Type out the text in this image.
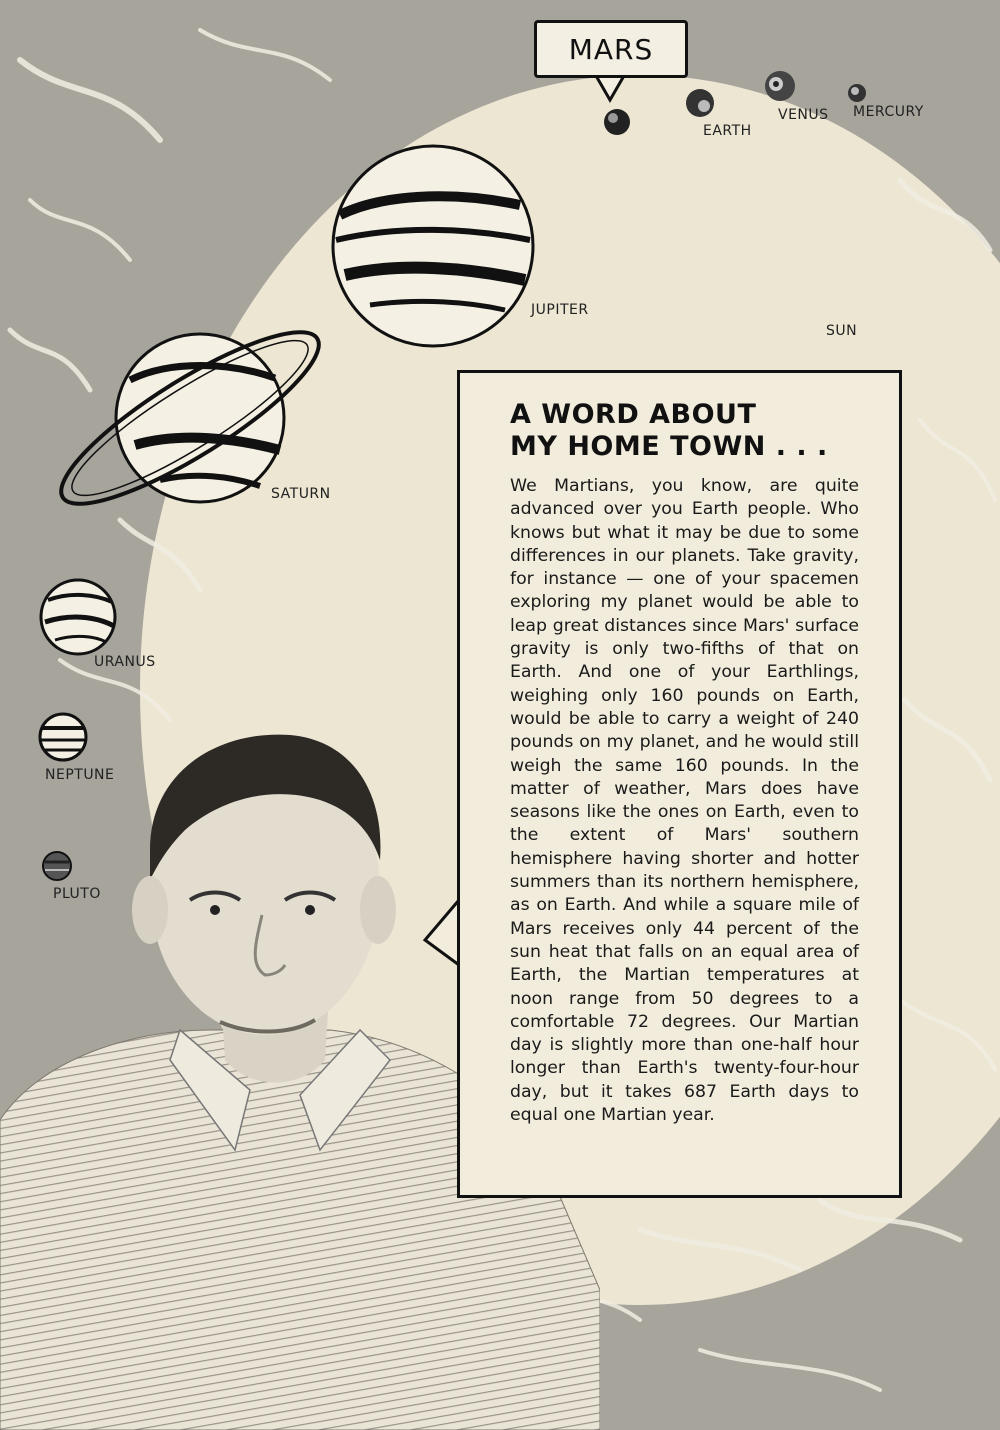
MARS
EARTH
VENUS MERCURY
JUPITER
SUN
SATURN
URANUS
NEPTUNE
PLUTO
A WORD ABOUT
MY HOME TOWN . . .

We Martians, you know, are quite advanced over you Earth people. Who knows but what it may be due to some differences in our planets. Take gravity, for instance — one of your spacemen exploring my planet would be able to leap great distances since Mars' surface gravity is only two-fifths of that on Earth. And one of your Earthlings, weighing only 160 pounds on Earth, would be able to carry a weight of 240 pounds on my planet, and he would still weigh the same 160 pounds. In the matter of weather, Mars does have seasons like the ones on Earth, even to the extent of Mars' southern hemisphere having shorter and hotter summers than its northern hemisphere, as on Earth. And while a square mile of Mars receives only 44 percent of the sun heat that falls on an equal area of Earth, the Martian temperatures at noon range from 50 degrees to a comfortable 72 degrees. Our Martian day is slightly more than one-half hour longer than Earth's twenty-four-hour day, but it takes 687 Earth days to equal one Martian year.
